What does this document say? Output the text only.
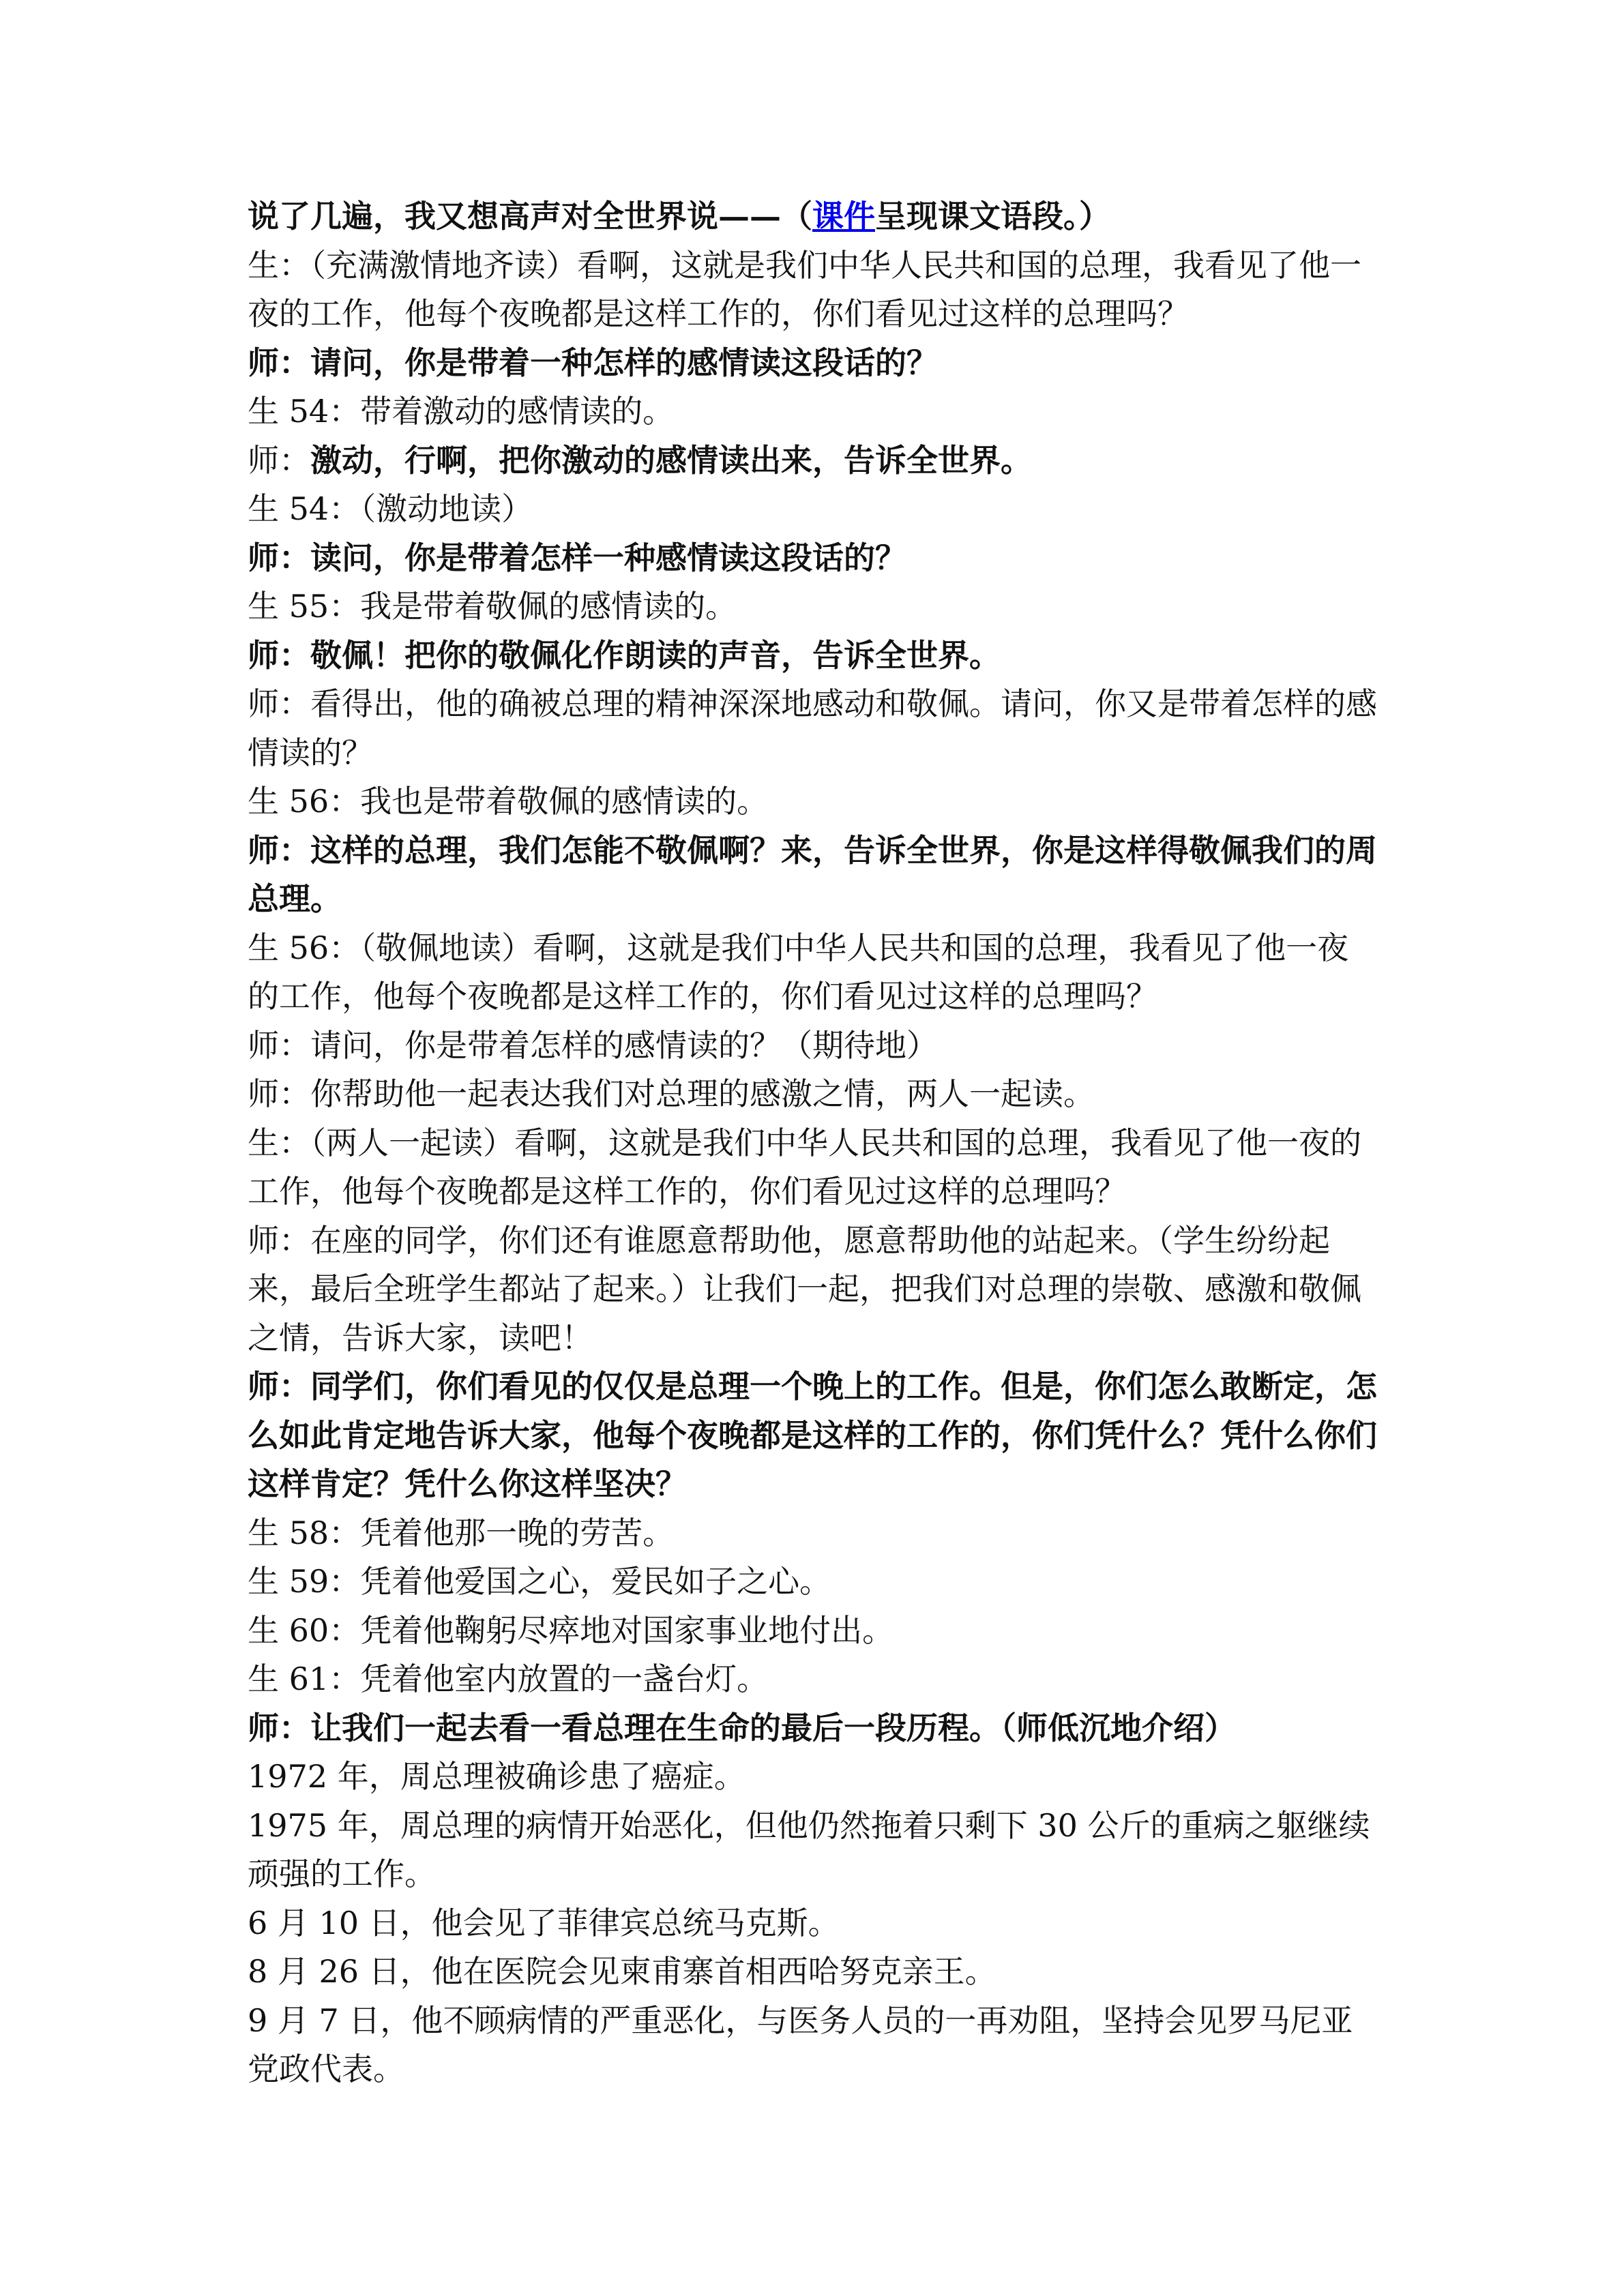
说了几遍，我又想高声对全世界说——（课件呈现课文语段。）

生：（充满激情地齐读）看啊，这就是我们中华人民共和国的总理，我看见了他一夜的工作，他每个夜晚都是这样工作的，你们看见过这样的总理吗？

师：请问，你是带着一种怎样的感情读这段话的？

生 54：带着激动的感情读的。

师：激动，行啊，把你激动的感情读出来，告诉全世界。

生 54：（激动地读）

师：读问，你是带着怎样一种感情读这段话的？

生 55：我是带着敬佩的感情读的。

师：敬佩！把你的敬佩化作朗读的声音，告诉全世界。

师：看得出，他的确被总理的精神深深地感动和敬佩。请问，你又是带着怎样的感情读的？

生 56：我也是带着敬佩的感情读的。

师：这样的总理，我们怎能不敬佩啊？来，告诉全世界，你是这样得敬佩我们的周总理。

生 56：（敬佩地读）看啊，这就是我们中华人民共和国的总理，我看见了他一夜的工作，他每个夜晚都是这样工作的，你们看见过这样的总理吗？

师：请问，你是带着怎样的感情读的？（期待地）

师：你帮助他一起表达我们对总理的感激之情，两人一起读。

生：（两人一起读）看啊，这就是我们中华人民共和国的总理，我看见了他一夜的工作，他每个夜晚都是这样工作的，你们看见过这样的总理吗？

师：在座的同学，你们还有谁愿意帮助他，愿意帮助他的站起来。（学生纷纷起来，最后全班学生都站了起来。）让我们一起，把我们对总理的崇敬、感激和敬佩之情，告诉大家，读吧！

师：同学们，你们看见的仅仅是总理一个晚上的工作。但是，你们怎么敢断定，怎么如此肯定地告诉大家，他每个夜晚都是这样的工作的，你们凭什么？凭什么你们这样肯定？凭什么你这样坚决？

生 58：凭着他那一晚的劳苦。

生 59：凭着他爱国之心，爱民如子之心。

生 60：凭着他鞠躬尽瘁地对国家事业地付出。

生 61：凭着他室内放置的一盏台灯。

师：让我们一起去看一看总理在生命的最后一段历程。（师低沉地介绍）

1972 年，周总理被确诊患了癌症。

1975 年，周总理的病情开始恶化，但他仍然拖着只剩下 30 公斤的重病之躯继续顽强的工作。

6 月 10 日，他会见了菲律宾总统马克斯。

8 月 26 日，他在医院会见柬甫寨首相西哈努克亲王。

9 月 7 日，他不顾病情的严重恶化，与医务人员的一再劝阻，坚持会见罗马尼亚党政代表。
